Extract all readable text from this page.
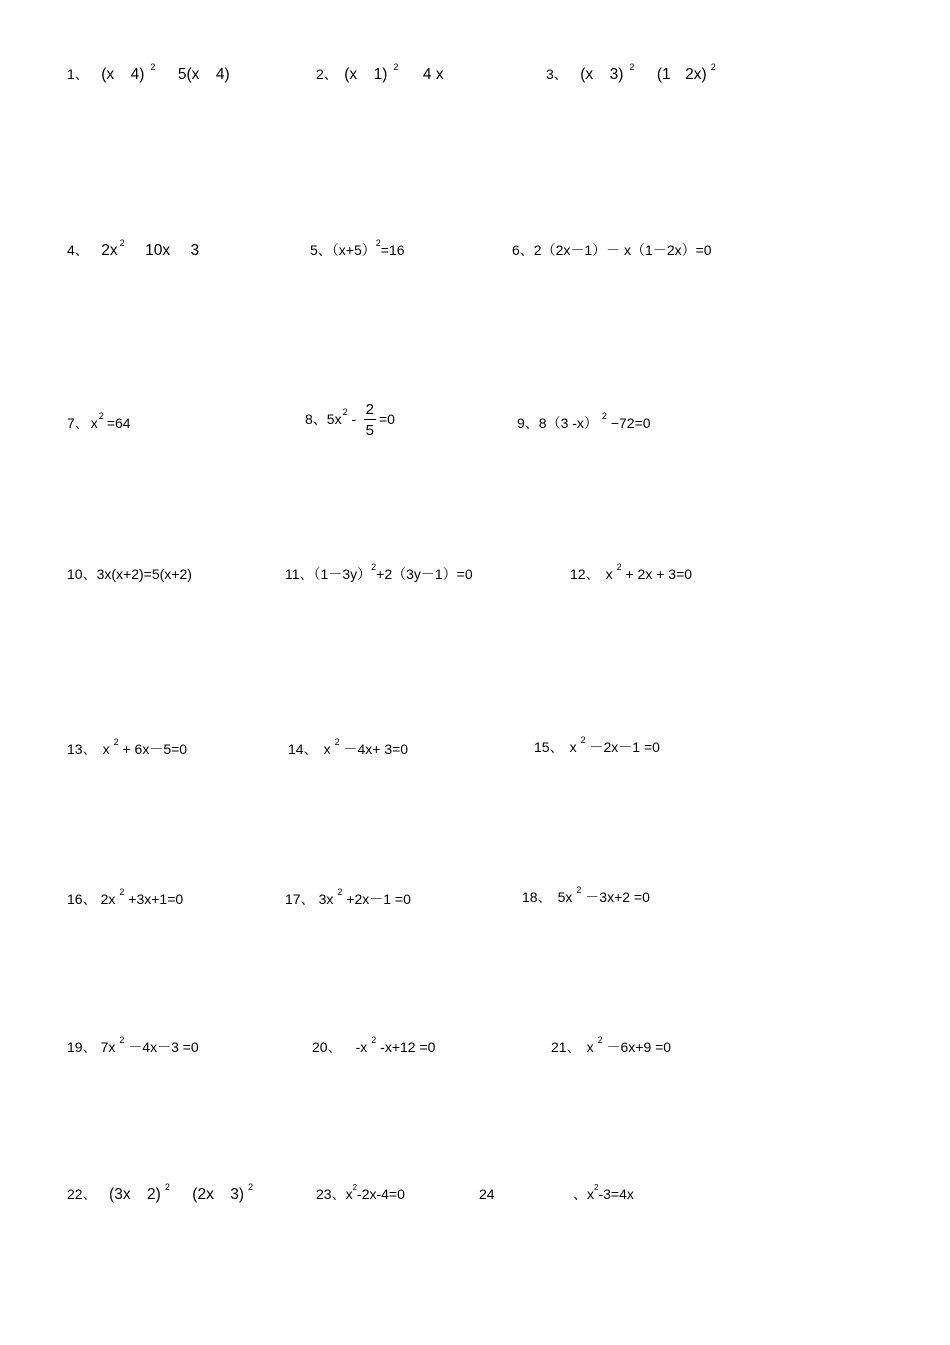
1、 (x 4) $^2$ 5(x 4)	2、 (x 1) $^2$ 4 x	3、 (x 3) $^2$ (1 2x) $^2$
4、 2x $^2$ 10x 3	5、$(x+5)^2=16$	6、2（2x－1）－ x（1－2x）=0
7、 $x^2 =64$	8、$5x^2 - \frac{2}{5} =0$	9、8（3 -x） $^2$ −72=0
10、3x(x+2)=5(x+2)	11、$(1-3y)^2+2(3y-1)=0$	12、 x $^2$ + 2x + 3=0
13、 x $^2$ + 6x－5=0	14、 x $^2$ －4x+ 3=0	15、 x $^2$ －2x－1 =0
16、 2x $^2$ +3x+1=0	17、 3x $^2$ +2x－1 =0	18、 5x $^2$ －3x+2 =0
19、 7x $^2$ －4x－3 =0	20、 -x $^2$ -x+12 =0	21、 x $^2$ －6x+9 =0
22、 (3x 2) $^2$ (2x 3) $^2$	23、$x^2-2x-4=0$	24	、$x^2-3=4x$
